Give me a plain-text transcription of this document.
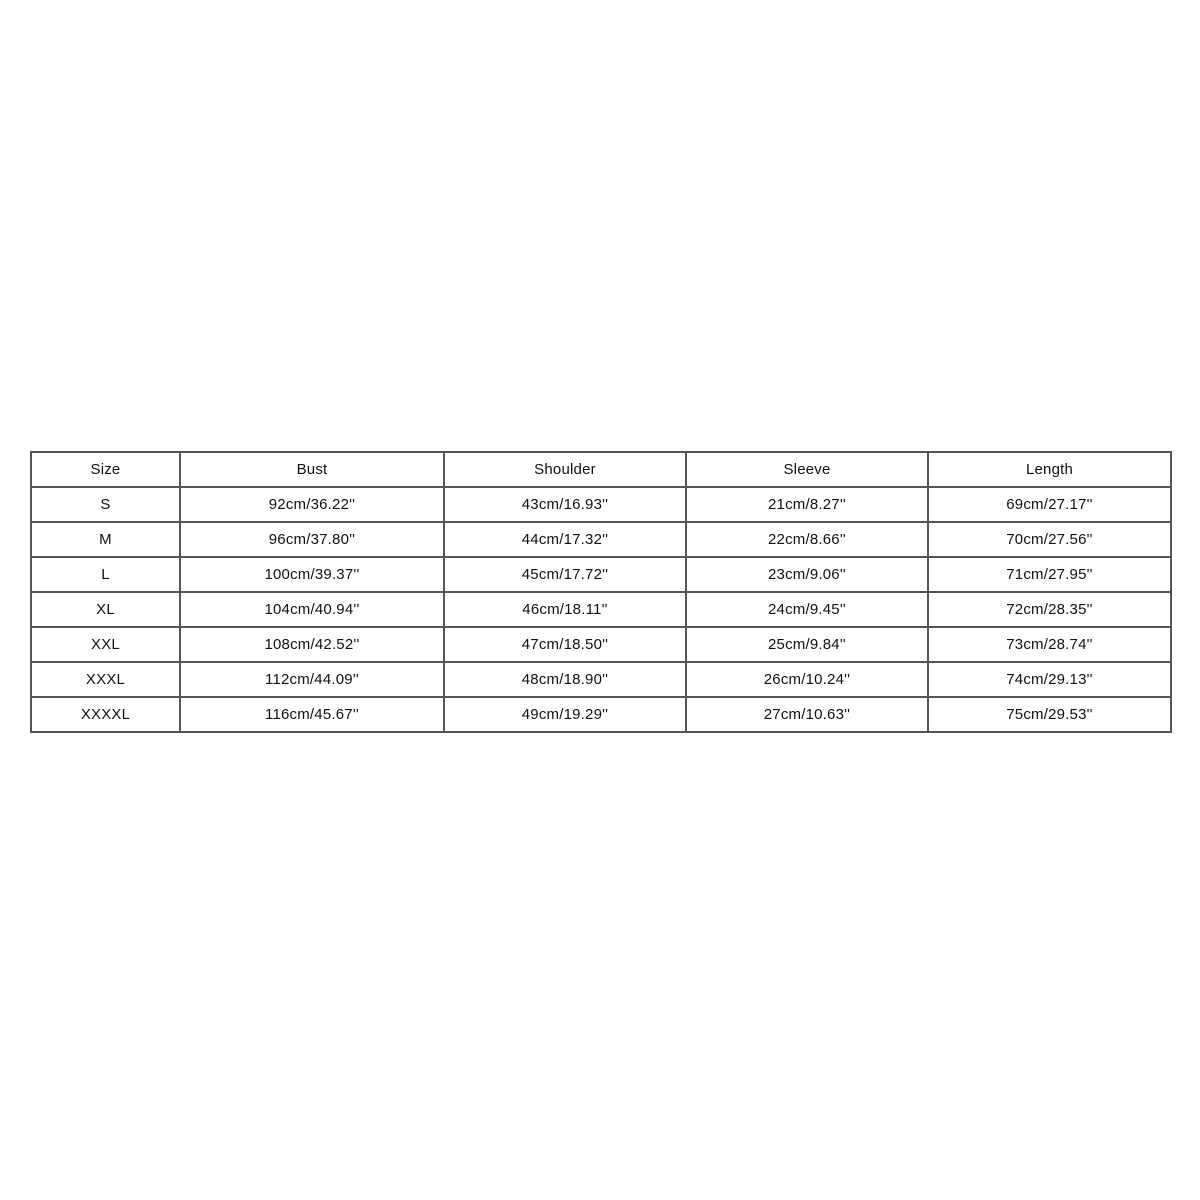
Size	Bust	Shoulder	Sleeve	Length
S	92cm/36.22''	43cm/16.93''	21cm/8.27''	69cm/27.17''
M	96cm/37.80''	44cm/17.32''	22cm/8.66''	70cm/27.56''
L	100cm/39.37''	45cm/17.72''	23cm/9.06''	71cm/27.95''
XL	104cm/40.94''	46cm/18.11''	24cm/9.45''	72cm/28.35''
XXL	108cm/42.52''	47cm/18.50''	25cm/9.84''	73cm/28.74''
XXXL	112cm/44.09''	48cm/18.90''	26cm/10.24''	74cm/29.13''
XXXXL	116cm/45.67''	49cm/19.29''	27cm/10.63''	75cm/29.53''
